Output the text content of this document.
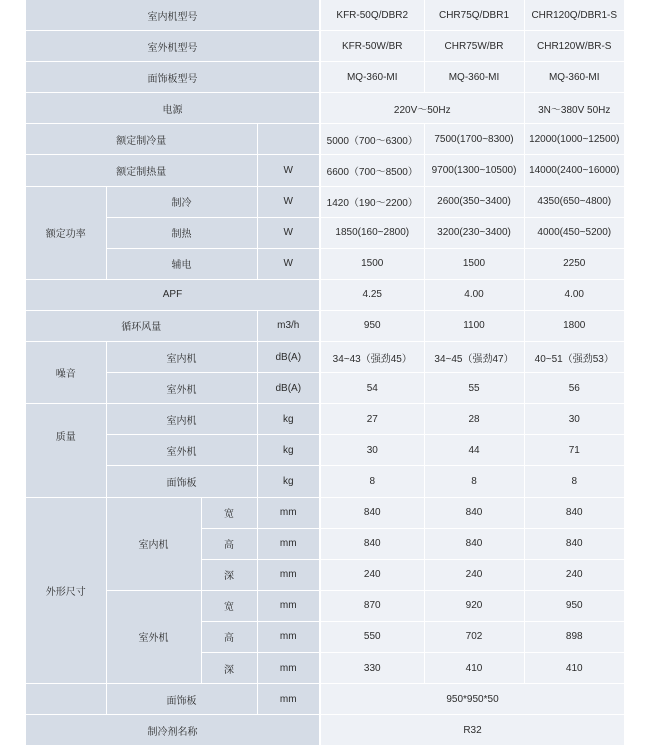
室内机型号				KFR-50Q/DBR2	CHR75Q/DBR1	CHR120Q/DBR1-S
室外机型号				KFR-50W/BR	CHR75W/BR	CHR120W/BR-S
面饰板型号				MQ-360-MI	MQ-360-MI	MQ-360-MI
电源				220V～50Hz		3N～380V 50Hz
额定制冷量				5000（700～6300）	7500(1700~8300)	12000(1000~12500)
额定制热量			W	6600（700～8500）	9700(1300~10500)	14000(2400~16000)
额定功率	制冷		W	1420（190～2200）	2600(350~3400)	4350(650~4800)
	制热		W	1850(160~2800)	3200(230~3400)	4000(450~5200)
	辅电		W	1500	1500	2250
APF				4.25	4.00	4.00
循环风量			m3/h	950	1100	1800
噪音	室内机		dB(A)	34~43（强劲45）	34~45（强劲47）	40~51（强劲53）
	室外机		dB(A)	54	55	56
质量	室内机		kg	27	28	30
	室外机		kg	30	44	71
	面饰板		kg	8	8	8
外形尺寸	室内机	宽	mm	840	840	840
		高	mm	840	840	840
		深	mm	240	240	240
	室外机	宽	mm	870	920	950
		高	mm	550	702	898
		深	mm	330	410	410
	面饰板		mm	950*950*50		
制冷剂名称				R32		
